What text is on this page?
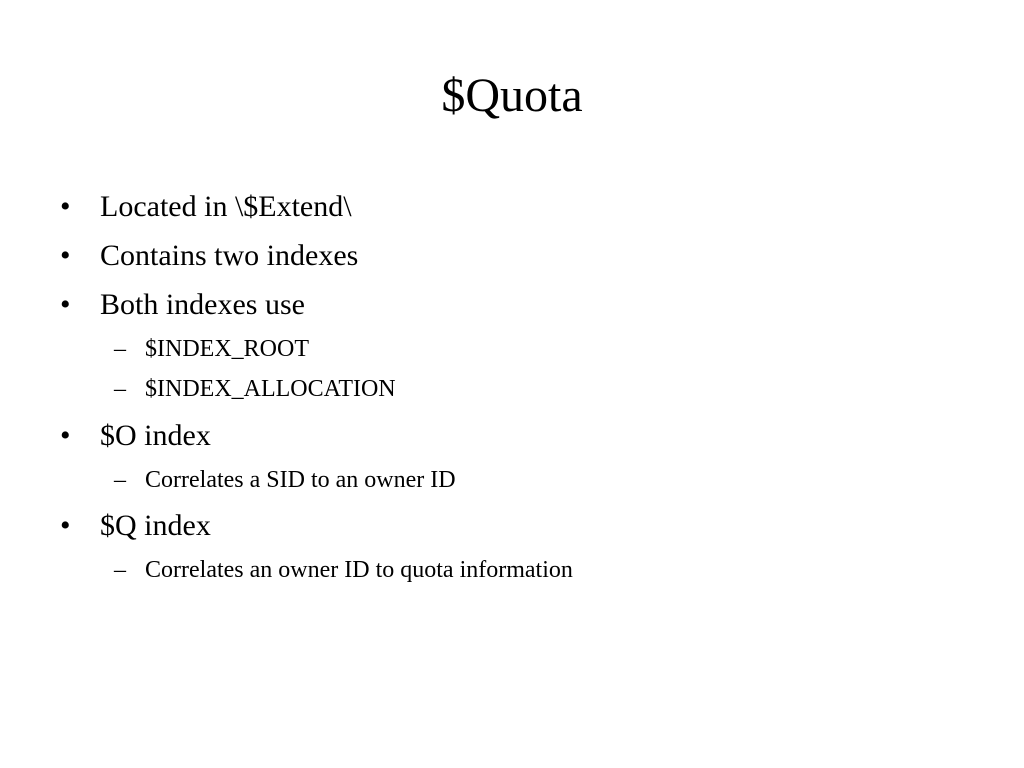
$Quota
• Located in \$Extend\
• Contains two indexes
• Both indexes use
– $INDEX_ROOT
– $INDEX_ALLOCATION
• $O index
– Correlates a SID to an owner ID
• $Q index
– Correlates an owner ID to quota information
